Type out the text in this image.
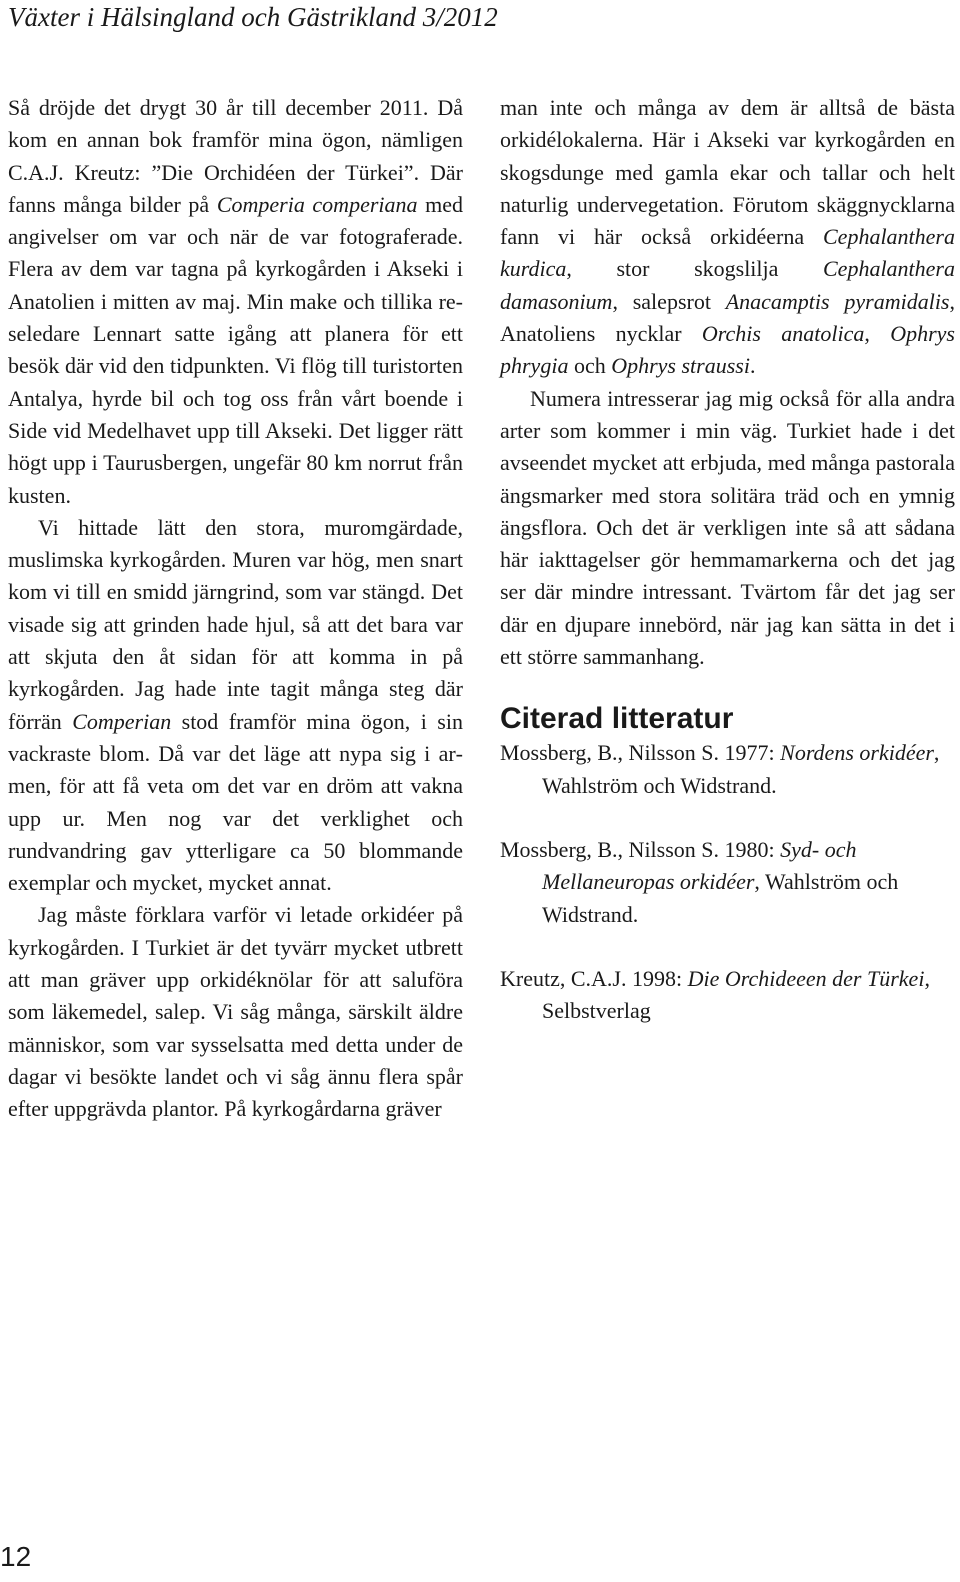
Växter i Hälsingland och Gästrikland 3/2012

Så dröjde det drygt 30 år till december 2011. Då kom en annan bok framför mina ögon, nämligen C.A.J. Kreutz: ”Die Orchidéen der Türkei”. Där fanns många bilder på Comperia comperiana med angivelser om var och när de var fotograferade. Flera av dem var tagna på kyrkogården i Akseki i Anatolien i mitten av maj. Min make och tillika reseledare Lennart satte igång att planera för ett besök där vid den tidpunkten. Vi flög till turistorten Antalya, hyrde bil och tog oss från vårt boende i Side vid Medelhavet upp till Akseki. Det ligger rätt högt upp i Taurusbergen, ungefär 80 km norrut från kusten.

Vi hittade lätt den stora, muromgärdade, muslimska kyrkogården. Muren var hög, men snart kom vi till en smidd järngrind, som var stängd. Det visade sig att grinden hade hjul, så att det bara var att skjuta den åt sidan för att komma in på kyrkogården. Jag hade inte tagit många steg där förrän Comperian stod framför mina ögon, i sin vackraste blom. Då var det läge att nypa sig i armen, för att få veta om det var en dröm att vakna upp ur. Men nog var det verklighet och rundvandring gav ytterligare ca 50 blommande exemplar och mycket, mycket annat.

Jag måste förklara varför vi letade orkidéer på kyrkogården. I Turkiet är det tyvärr mycket utbrett att man gräver upp orkidéknölar för att saluföra som läkemedel, salep. Vi såg många, särskilt äldre människor, som var sysselsatta med detta under de dagar vi besökte landet och vi såg ännu flera spår efter uppgrävda plantor. På kyrkogårdarna gräver

man inte och många av dem är alltså de bästa orkidélokalerna. Här i Akseki var kyrkogården en skogsdunge med gamla ekar och tallar och helt naturlig undervegetation. Förutom skäggnycklarna fann vi här också orkidéerna Cephalanthera kurdica, stor skogslilja Cephalanthera damasonium, salepsrot Anacamptis pyramidalis, Anatoliens nycklar Orchis anatolica, Ophrys phrygia och Ophrys straussi.

Numera intresserar jag mig också för alla andra arter som kommer i min väg. Turkiet hade i det avseendet mycket att erbjuda, med många pastorala ängsmarker med stora solitära träd och en ymnig ängsflora. Och det är verkligen inte så att sådana här iakttagelser gör hemmamarkerna och det jag ser där mindre intressant. Tvärtom får det jag ser där en djupare innebörd, när jag kan sätta in det i ett större sammanhang.

Citerad litteratur

Mossberg, B., Nilsson S. 1977: Nordens orkidéer, Wahlström och Widstrand.

Mossberg, B., Nilsson S. 1980: Syd- och Mellaneuropas orkidéer, Wahlström och Widstrand.

Kreutz, C.A.J. 1998: Die Orchideeen der Türkei, Selbstverlag

12
